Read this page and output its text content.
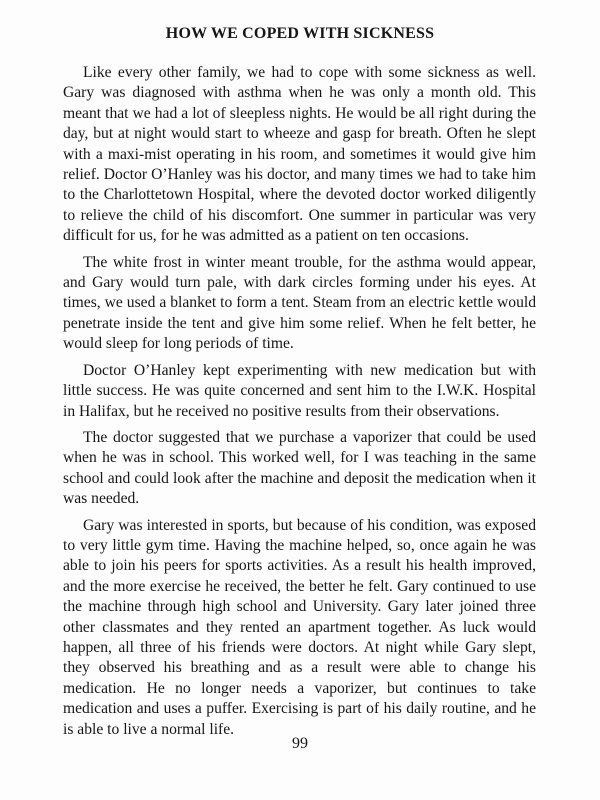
HOW WE COPED WITH SICKNESS

Like every other family, we had to cope with some sickness as well. Gary was diagnosed with asthma when he was only a month old. This meant that we had a lot of sleepless nights. He would be all right during the day, but at night would start to wheeze and gasp for breath. Often he slept with a maxi-mist operating in his room, and sometimes it would give him relief. Doctor O’Hanley was his doctor, and many times we had to take him to the Charlottetown Hospital, where the devoted doctor worked diligently to relieve the child of his discomfort. One summer in particular was very difficult for us, for he was admitted as a patient on ten occasions.

The white frost in winter meant trouble, for the asthma would appear, and Gary would turn pale, with dark circles forming under his eyes. At times, we used a blanket to form a tent. Steam from an electric kettle would penetrate inside the tent and give him some relief. When he felt better, he would sleep for long periods of time.

Doctor O’Hanley kept experimenting with new medication but with little success. He was quite concerned and sent him to the I.W.K. Hospital in Halifax, but he received no positive results from their observations.

The doctor suggested that we purchase a vaporizer that could be used when he was in school. This worked well, for I was teaching in the same school and could look after the machine and deposit the medication when it was needed.

Gary was interested in sports, but because of his condition, was exposed to very little gym time. Having the machine helped, so, once again he was able to join his peers for sports activities. As a result his health improved, and the more exercise he received, the better he felt. Gary continued to use the machine through high school and University. Gary later joined three other classmates and they rented an apartment together. As luck would happen, all three of his friends were doctors. At night while Gary slept, they observed his breathing and as a result were able to change his medication. He no longer needs a vaporizer, but continues to take medication and uses a puffer. Exercising is part of his daily routine, and he is able to live a normal life.

99
